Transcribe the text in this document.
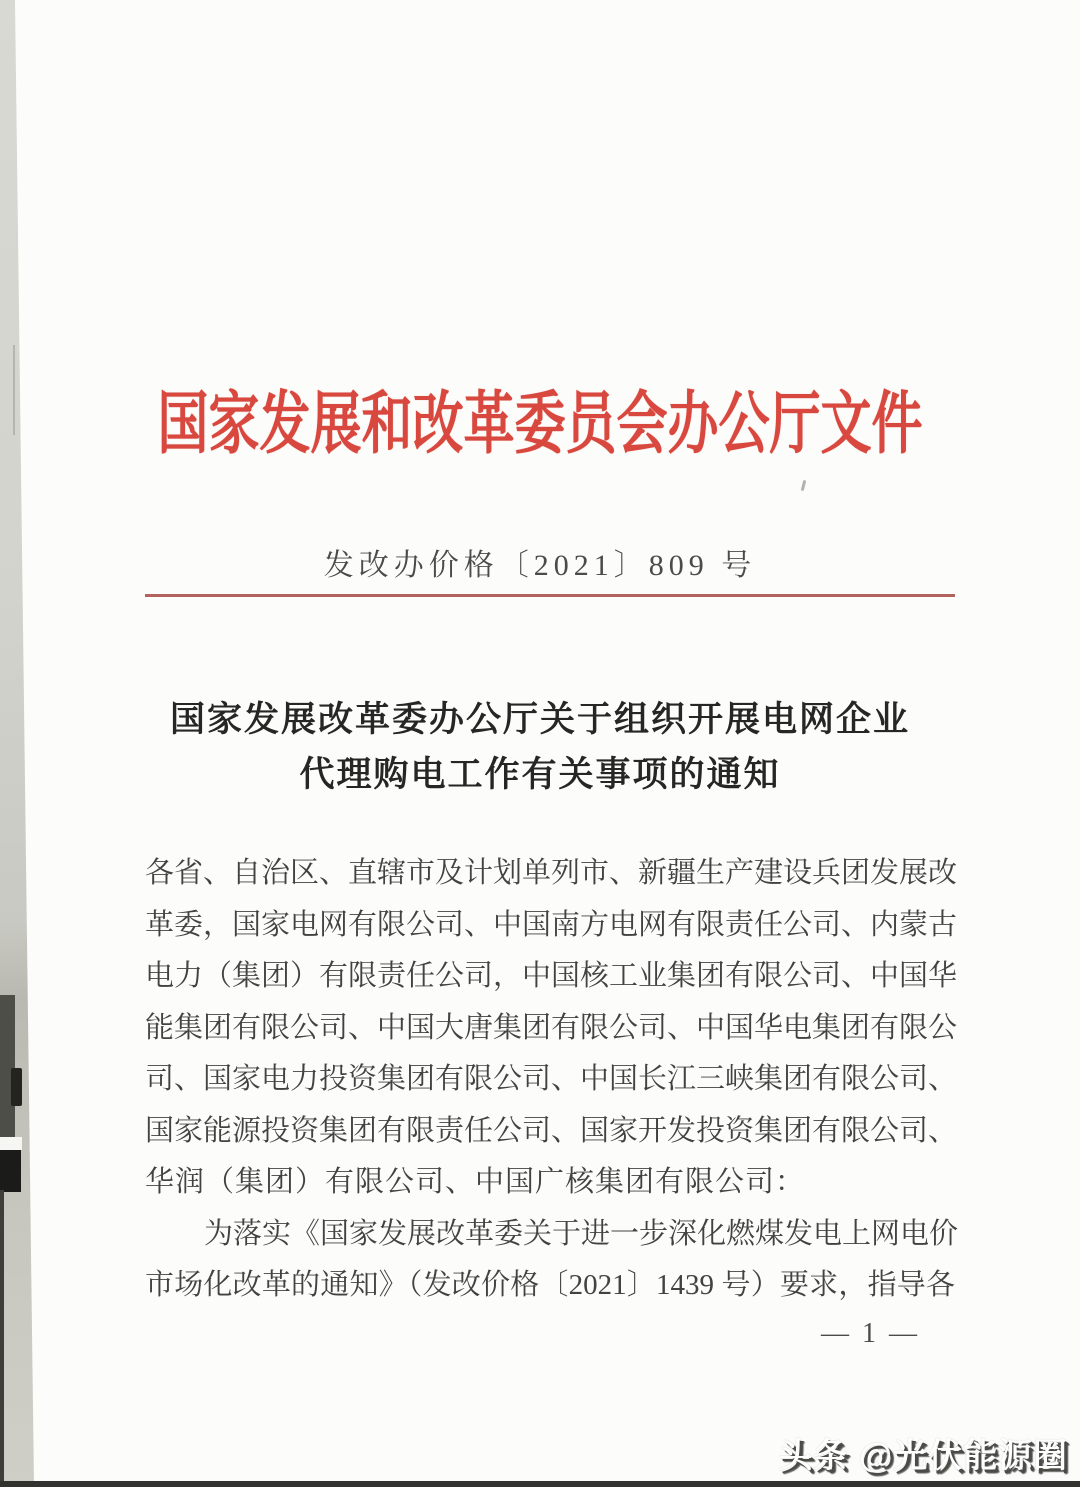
国家发展和改革委员会办公厅文件
发改办价格〔2021〕809 号
国家发展改革委办公厅关于组织开展电网企业
代理购电工作有关事项的通知
各省、自治区、直辖市及计划单列市、新疆生产建设兵团发展改
革委，国家电网有限公司、中国南方电网有限责任公司、内蒙古
电力（集团）有限责任公司，中国核工业集团有限公司、中国华
能集团有限公司、中国大唐集团有限公司、中国华电集团有限公
司、国家电力投资集团有限公司、中国长江三峡集团有限公司、
国家能源投资集团有限责任公司、国家开发投资集团有限公司、
华润（集团）有限公司、中国广核集团有限公司：
为落实《国家发展改革委关于进一步深化燃煤发电上网电价
市场化改革的通知》（发改价格〔2021〕1439 号）要求，指导各
— 1 —
头条 @光伏能源圈
